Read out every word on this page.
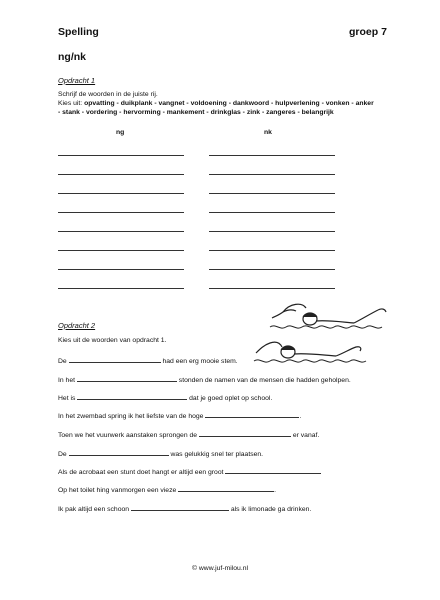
Spelling	groep 7
ng/nk
Opdracht 1
Schrijf de woorden in de juiste rij.
Kies uit: opvatting - duikplank - vangnet - voldoening - dankwoord - hulpverlening - vonken - anker
- stank - vordering - hervorming - mankement - drinkglas - zink - zangeres - belangrijk
ng	nk
Opdracht 2
Kies uit de woorden van opdracht 1.
De	had een erg mooie stem.
In het	stonden de namen van de mensen die hadden geholpen.
Het is	dat je goed oplet op school.
In het zwembad spring ik het liefste van de hoge	.
Toen we het vuurwerk aanstaken sprongen de	er vanaf.
De	was gelukkig snel ter plaatsen.
Als de acrobaat een stunt doet hangt er altijd een groot
Op het toilet hing vanmorgen een vieze	.
Ik pak altijd een schoon	als ik limonade ga drinken.
© www.juf-milou.nl
